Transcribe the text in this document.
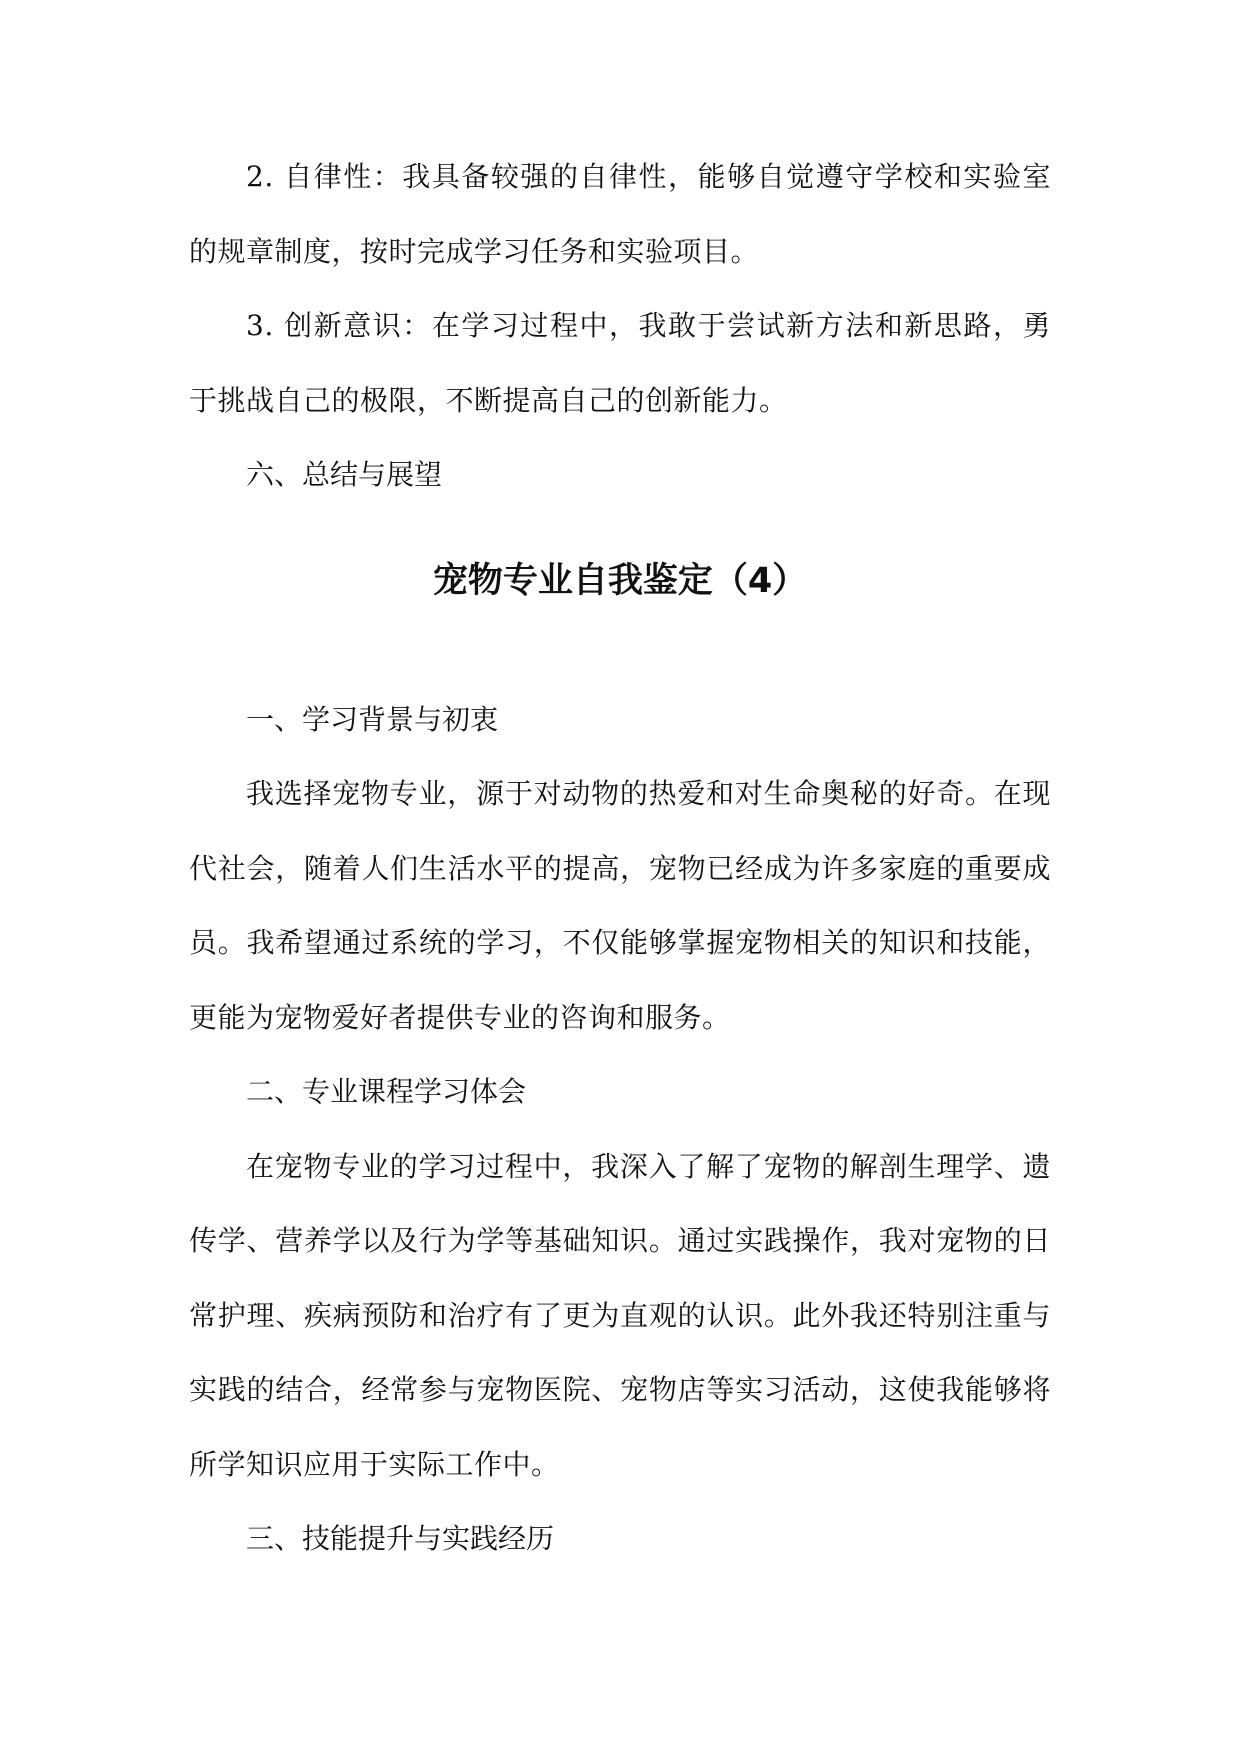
2. 自律性：我具备较强的自律性，能够自觉遵守学校和实验室的规章制度，按时完成学习任务和实验项目。

3. 创新意识：在学习过程中，我敢于尝试新方法和新思路，勇于挑战自己的极限，不断提高自己的创新能力。

六、总结与展望

宠物专业自我鉴定（4）

一、学习背景与初衷

我选择宠物专业，源于对动物的热爱和对生命奥秘的好奇。在现代社会，随着人们生活水平的提高，宠物已经成为许多家庭的重要成员。我希望通过系统的学习，不仅能够掌握宠物相关的知识和技能，更能为宠物爱好者提供专业的咨询和服务。

二、专业课程学习体会

在宠物专业的学习过程中，我深入了解了宠物的解剖生理学、遗传学、营养学以及行为学等基础知识。通过实践操作，我对宠物的日常护理、疾病预防和治疗有了更为直观的认识。此外我还特别注重与实践的结合，经常参与宠物医院、宠物店等实习活动，这使我能够将所学知识应用于实际工作中。

三、技能提升与实践经历
